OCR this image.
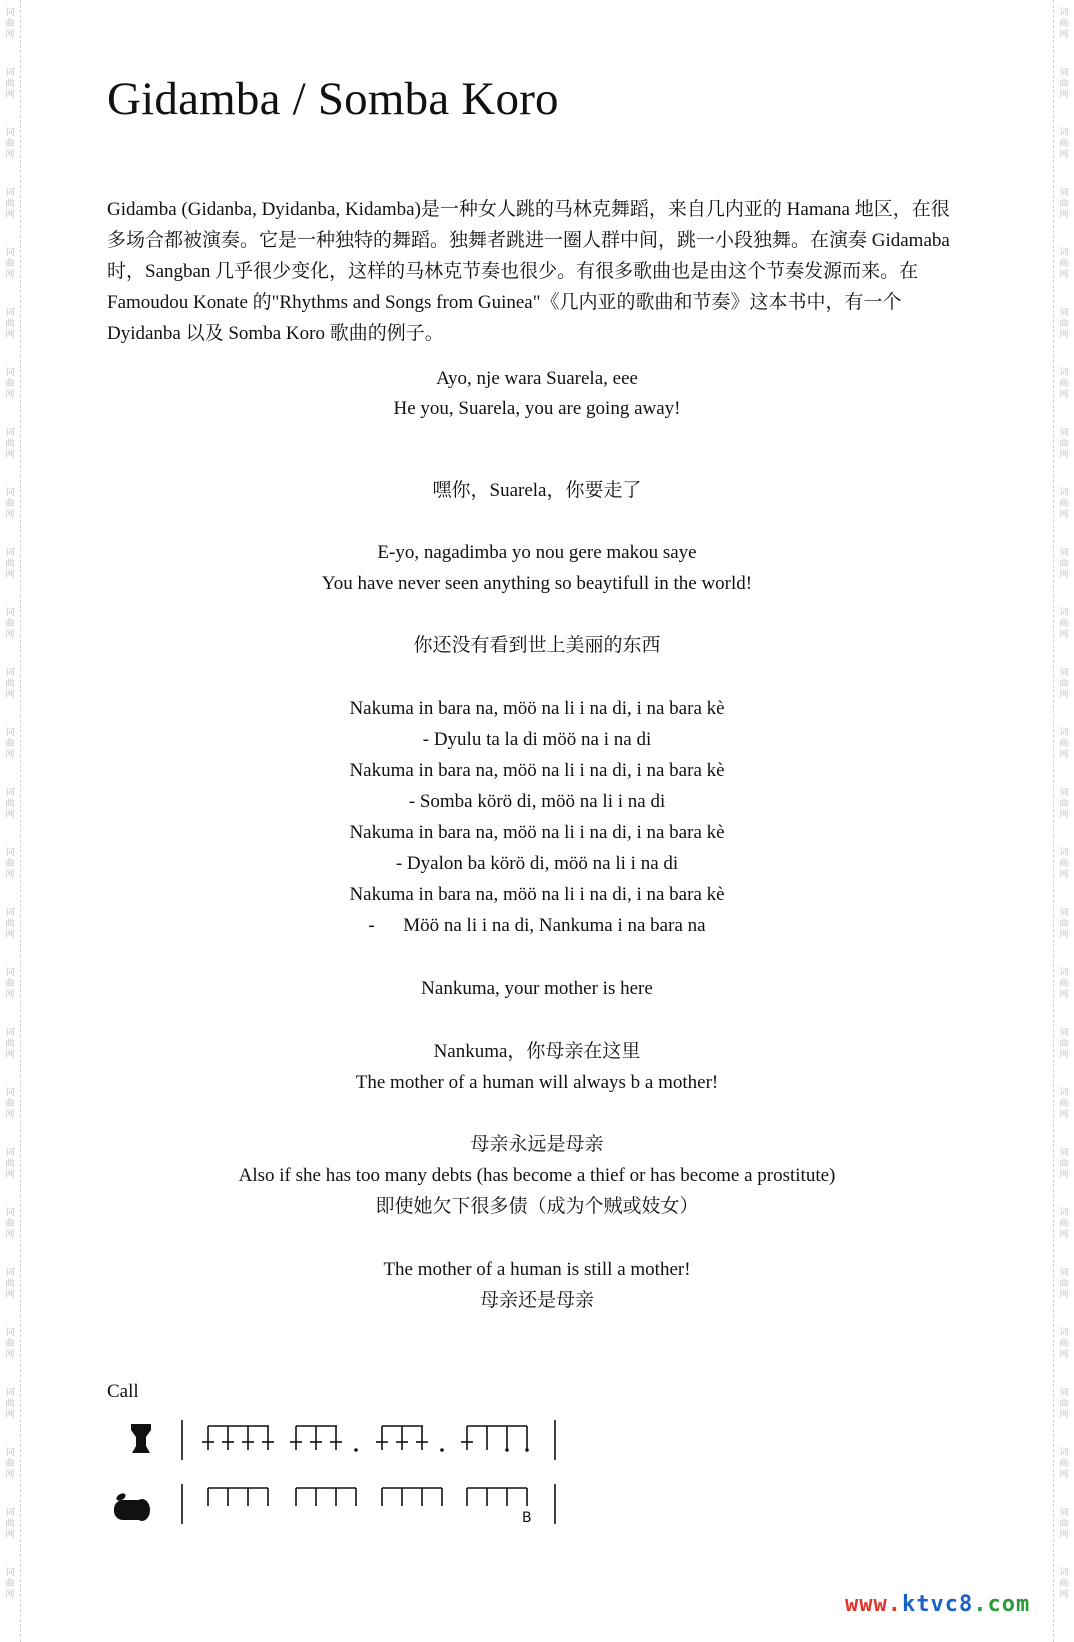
词
曲
网
词
曲
网
词
曲
网
词
曲
网
词
曲
网
词
曲
网
词
曲
网
词
曲
网
词
曲
网
词
曲
网
词
曲
网
词
曲
网
词
曲
网
词
曲
网
词
曲
网
词
曲
网
词
曲
网
词
曲
网
词
曲
网
词
曲
网
词
曲
网
词
曲
网
词
曲
网
词
曲
网
词
曲
网
词
曲
网
词
曲
网
词
曲
网
词
曲
网
词
曲
网
词
曲
网
词
曲
网
词
曲
网
词
曲
网
词
曲
网
词
曲
网
词
曲
网
词
曲
网
词
曲
网
词
曲
网
词
曲
网
词
曲
网
词
曲
网
词
曲
网
词
曲
网
词
曲
网
词
曲
网
词
曲
网
词
曲
网
词
曲
网
词
曲
网
词
曲
网
词
曲
网
词
曲
网
Gidamba / Somba Koro

Gidamba (Gidanba, Dyidanba, Kidamba)是一种女人跳的马林克舞蹈，来自几内亚的 Hamana 地区，在很多场合都被演奏。它是一种独特的舞蹈。独舞者跳进一圈人群中间，跳一小段独舞。在演奏 Gidamaba 时，Sangban 几乎很少变化，这样的马林克节奏也很少。有很多歌曲也是由这个节奏发源而来。在 Famoudou Konate 的"Rhythms and Songs from Guinea"《几内亚的歌曲和节奏》这本书中，有一个 Dyidanba 以及 Somba Koro 歌曲的例子。

Ayo, nje wara Suarela, eee
He you, Suarela, you are going away!
嘿你，Suarela，你要走了
E-yo, nagadimba yo nou gere makou saye
You have never seen anything so beaytifull in the world!
你还没有看到世上美丽的东西
Nakuma in bara na, möö na li i na di, i na bara kè
- Dyulu ta la di möö na i na di
Nakuma in bara na, möö na li i na di, i na bara kè
- Somba körö di, möö na li i na di
Nakuma in bara na, möö na li i na di, i na bara kè
- Dyalon ba körö di, möö na li i na di
Nakuma in bara na, möö na li i na di, i na bara kè
-      Möö na li i na di, Nankuma i na bara na
Nankuma, your mother is here
Nankuma，你母亲在这里
The mother of a human will always b a mother!
母亲永远是母亲
Also if she has too many debts (has become a thief or has become a prostitute)
即使她欠下很多债（成为个贼或妓女）
The mother of a human is still a mother!
母亲还是母亲
Call
B
www.ktvc8.com
